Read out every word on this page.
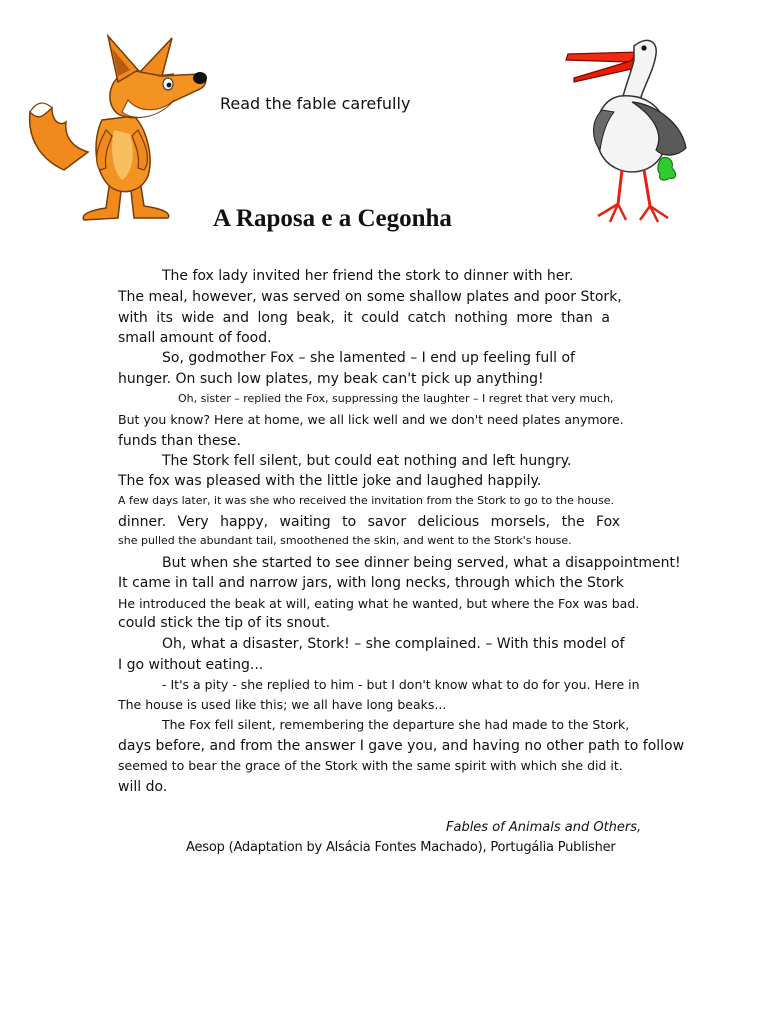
Read the fable carefully
A Raposa e a Cegonha
The fox lady invited her friend the stork to dinner with her.
The meal, however, was served on some shallow plates and poor Stork,
with its wide and long beak, it could catch nothing more than a
small amount of food.
So, godmother Fox – she lamented – I end up feeling full of
hunger. On such low plates, my beak can't pick up anything!
Oh, sister – replied the Fox, suppressing the laughter – I regret that very much,
But you know? Here at home, we all lick well and we don't need plates anymore.
funds than these.
The Stork fell silent, but could eat nothing and left hungry.
The fox was pleased with the little joke and laughed happily.
A few days later, it was she who received the invitation from the Stork to go to the house.
dinner. Very happy, waiting to savor delicious morsels, the Fox
she pulled the abundant tail, smoothened the skin, and went to the Stork's house.
But when she started to see dinner being served, what a disappointment!
It came in tall and narrow jars, with long necks, through which the Stork
He introduced the beak at will, eating what he wanted, but where the Fox was bad.
could stick the tip of its snout.
Oh, what a disaster, Stork! – she complained. – With this model of
I go without eating...
- It's a pity - she replied to him - but I don't know what to do for you. Here in
The house is used like this; we all have long beaks...
The Fox fell silent, remembering the departure she had made to the Stork,
days before, and from the answer I gave you, and having no other path to follow
seemed to bear the grace of the Stork with the same spirit with which she did it.
will do.
Fables of Animals and Others,
Aesop (Adaptation by Alsácia Fontes Machado), Portugália Publisher
